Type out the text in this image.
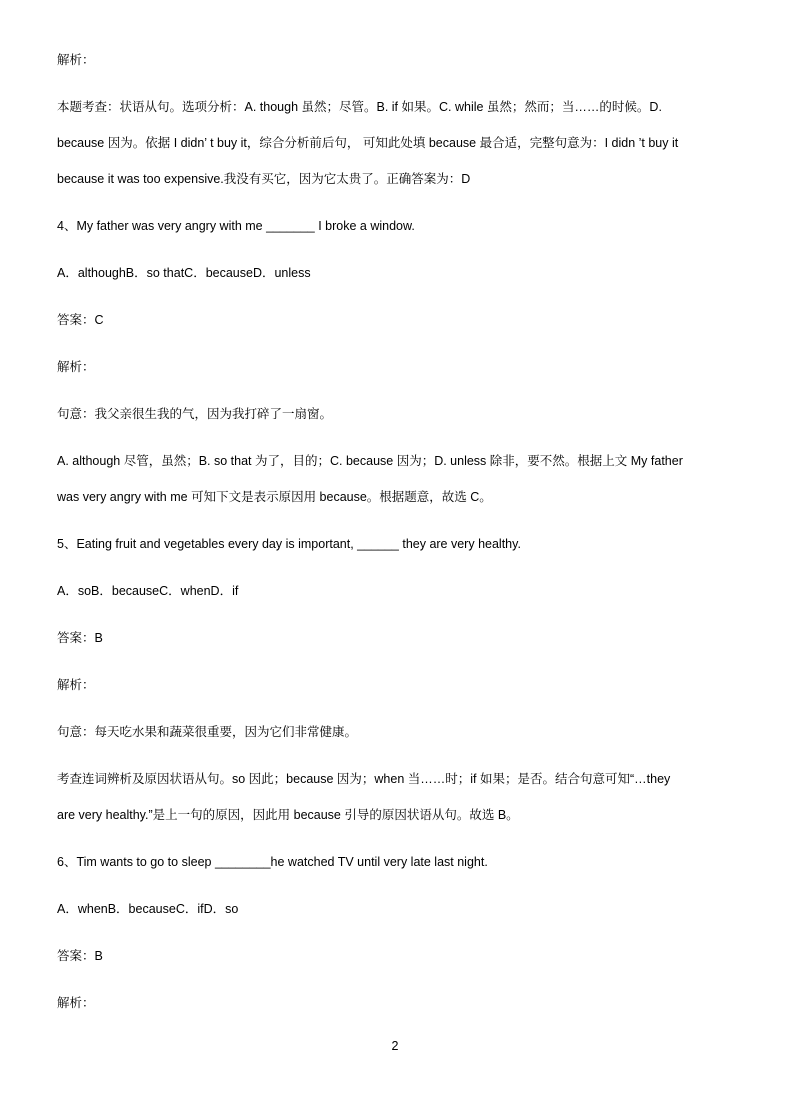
解析：
本题考查：状语从句。选项分析：A. though 虽然；尽管。B. if 如果。C. while 虽然；然而；当……的时候。D.
because 因为。依据 I didn’ t buy it，综合分析前后句， 可知此处填 because 最合适，完整句意为：I didn ’t buy it
because it was too expensive.我没有买它，因为它太贵了。正确答案为：D
4、My father was very angry with me _______ I broke a window.
A．althoughB．so thatC．becauseD．unless
答案：C
解析：
句意：我父亲很生我的气，因为我打碎了一扇窗。
A. although 尽管，虽然；B. so that 为了，目的；C. because 因为；D. unless 除非，要不然。根据上文 My father
was very angry with me 可知下文是表示原因用 because。根据题意，故选 C。
5、Eating fruit and vegetables every day is important, ______ they are very healthy.
A．soB．becauseC．whenD．if
答案：B
解析：
句意：每天吃水果和蔬菜很重要，因为它们非常健康。
考查连词辨析及原因状语从句。so 因此；because 因为；when 当……时；if 如果；是否。结合句意可知“…they
are very healthy.”是上一句的原因，因此用 because 引导的原因状语从句。故选 B。
6、Tim wants to go to sleep ________he watched TV until very late last night.
A．whenB．becauseC．ifD．so
答案：B
解析：
2
